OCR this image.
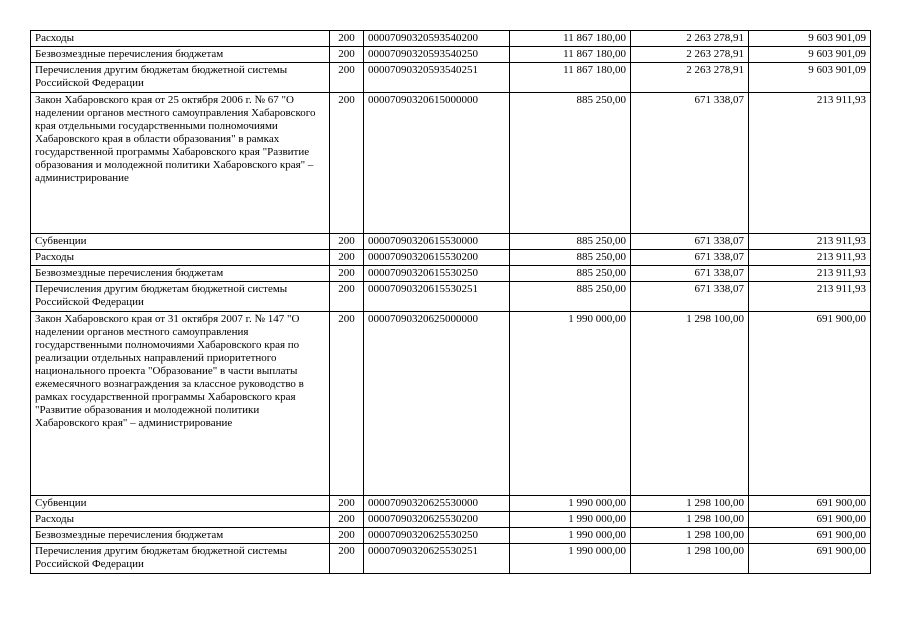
Расходы	200	00007090320593540200	11 867 180,00	2 263 278,91	9 603 901,09
Безвозмездные перечисления бюджетам	200	00007090320593540250	11 867 180,00	2 263 278,91	9 603 901,09
Перечисления другим бюджетам бюджетной системы Российской Федерации	200	00007090320593540251	11 867 180,00	2 263 278,91	9 603 901,09
Закон Хабаровского края от 25 октября 2006 г. № 67 "О наделении органов местного самоуправления Хабаровского края отдельными государственными полномочиями Хабаровского края в области образования" в рамках государственной программы Хабаровского края "Развитие образования и молодежной политики Хабаровского края" – администрирование	200	00007090320615000000	885 250,00	671 338,07	213 911,93
Субвенции	200	00007090320615530000	885 250,00	671 338,07	213 911,93
Расходы	200	00007090320615530200	885 250,00	671 338,07	213 911,93
Безвозмездные перечисления бюджетам	200	00007090320615530250	885 250,00	671 338,07	213 911,93
Перечисления другим бюджетам бюджетной системы Российской Федерации	200	00007090320615530251	885 250,00	671 338,07	213 911,93
Закон Хабаровского края от 31 октября 2007 г. № 147 "О наделении органов местного самоуправления государственными полномочиями Хабаровского края по реализации отдельных направлений приоритетного национального проекта "Образование" в части выплаты ежемесячного вознаграждения за классное руководство в рамках государственной программы Хабаровского края "Развитие образования и молодежной политики Хабаровского края" – администрирование	200	00007090320625000000	1 990 000,00	1 298 100,00	691 900,00
Субвенции	200	00007090320625530000	1 990 000,00	1 298 100,00	691 900,00
Расходы	200	00007090320625530200	1 990 000,00	1 298 100,00	691 900,00
Безвозмездные перечисления бюджетам	200	00007090320625530250	1 990 000,00	1 298 100,00	691 900,00
Перечисления другим бюджетам бюджетной системы Российской Федерации	200	00007090320625530251	1 990 000,00	1 298 100,00	691 900,00
